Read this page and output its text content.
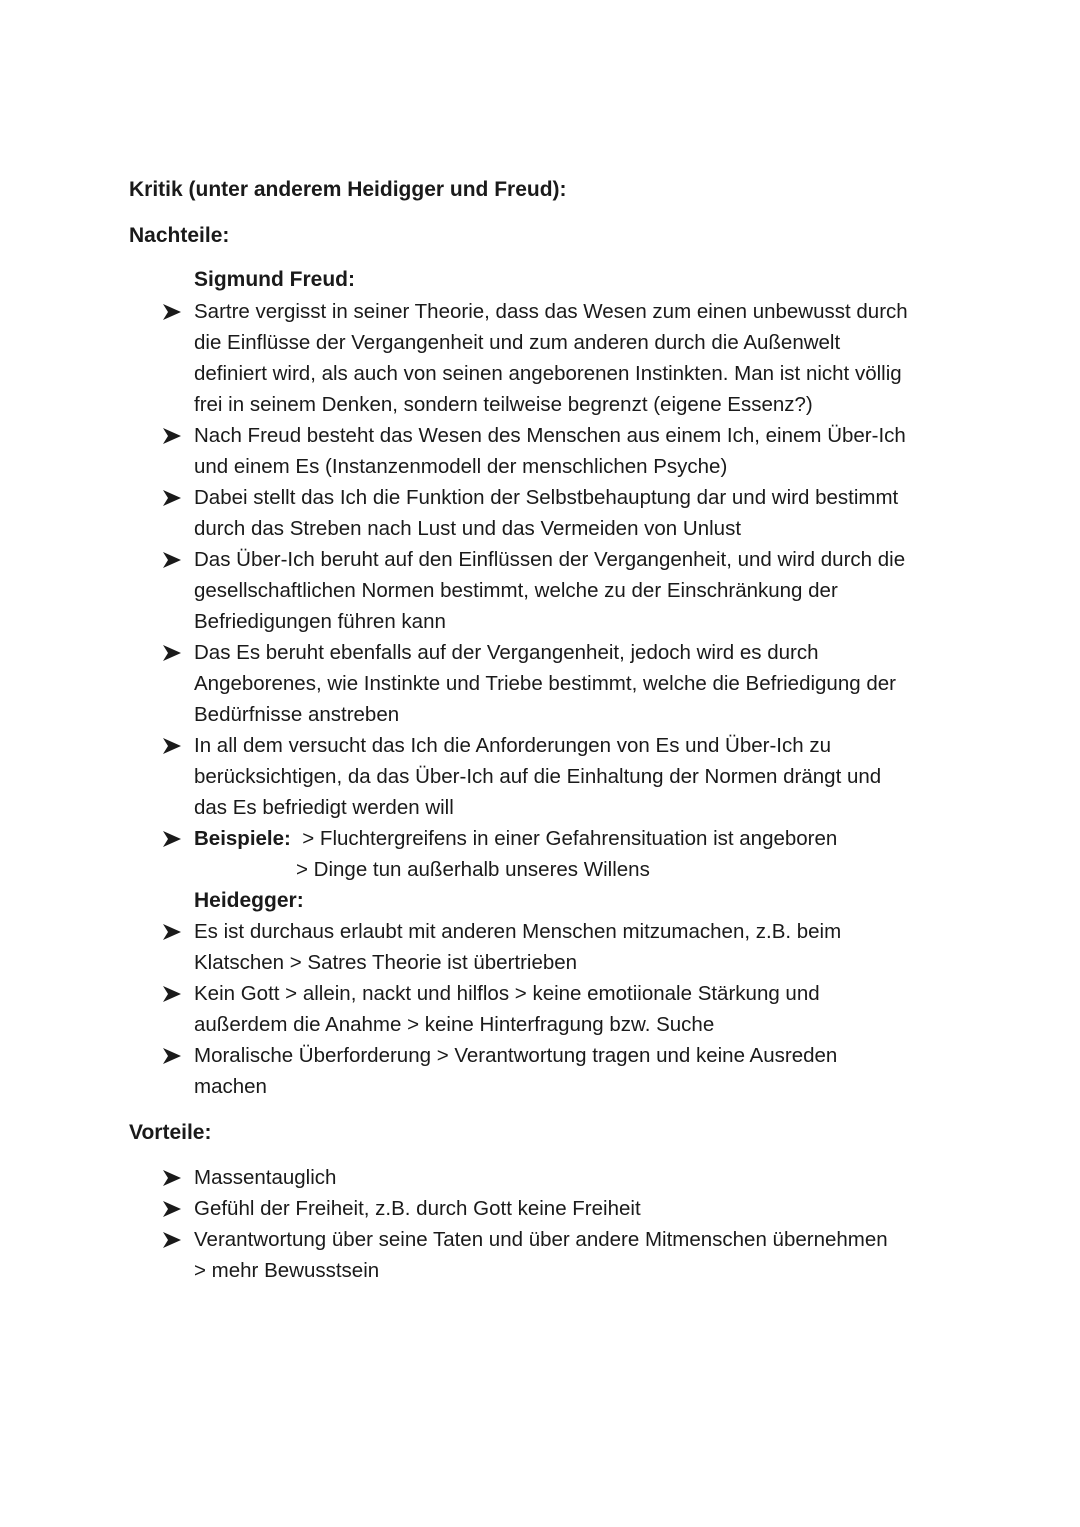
Kritik (unter anderem Heidigger und Freud):
Nachteile:
Sigmund Freud:
Sartre vergisst in seiner Theorie, dass das Wesen zum einen unbewusst durch
die Einflüsse der Vergangenheit und zum anderen durch die Außenwelt
definiert wird, als auch von seinen angeborenen Instinkten. Man ist nicht völlig
frei in seinem Denken, sondern teilweise begrenzt (eigene Essenz?)
Nach Freud besteht das Wesen des Menschen aus einem Ich, einem Über-Ich
und einem Es (Instanzenmodell der menschlichen Psyche)
Dabei stellt das Ich die Funktion der Selbstbehauptung dar und wird bestimmt
durch das Streben nach Lust und das Vermeiden von Unlust
Das Über-Ich beruht auf den Einflüssen der Vergangenheit, und wird durch die
gesellschaftlichen Normen bestimmt, welche zu der Einschränkung der
Befriedigungen führen kann
Das Es beruht ebenfalls auf der Vergangenheit, jedoch wird es durch
Angeborenes, wie Instinkte und Triebe bestimmt, welche die Befriedigung der
Bedürfnisse anstreben
In all dem versucht das Ich die Anforderungen von Es und Über-Ich zu
berücksichtigen, da das Über-Ich auf die Einhaltung der Normen drängt und
das Es befriedigt werden will
Beispiele: > Fluchtergreifens in einer Gefahrensituation ist angeboren
> Dinge tun außerhalb unseres Willens
Heidegger:
Es ist durchaus erlaubt mit anderen Menschen mitzumachen, z.B. beim
Klatschen > Satres Theorie ist übertrieben
Kein Gott > allein, nackt und hilflos > keine emotiionale Stärkung und
außerdem die Anahme > keine Hinterfragung bzw. Suche
Moralische Überforderung > Verantwortung tragen und keine Ausreden
machen
Vorteile:
Massentauglich
Gefühl der Freiheit, z.B. durch Gott keine Freiheit
Verantwortung über seine Taten und über andere Mitmenschen übernehmen
> mehr Bewusstsein
